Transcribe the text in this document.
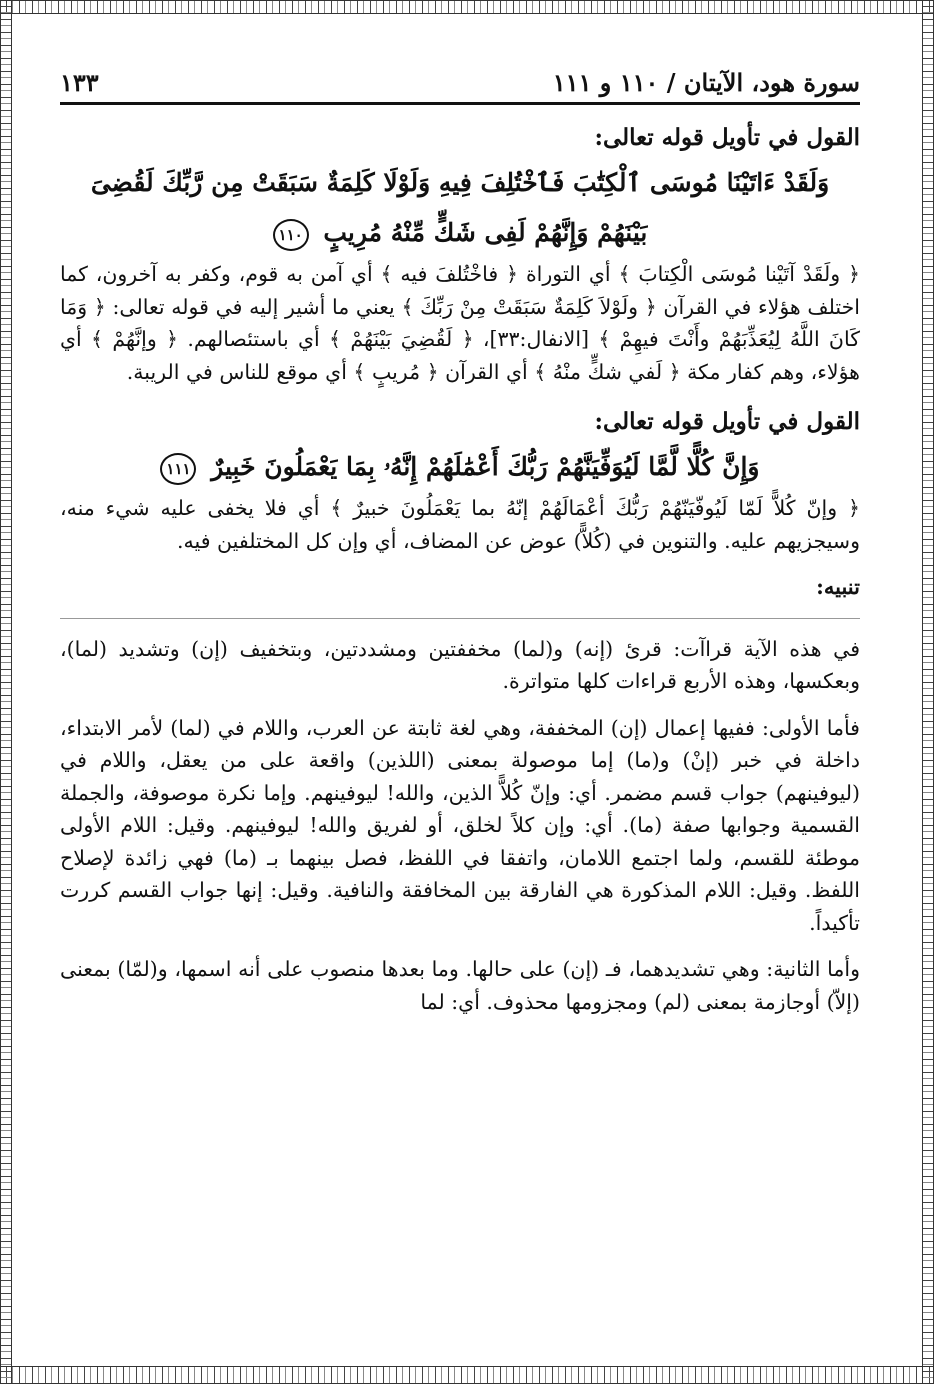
سورة هود، الآيتان / ١١٠ و ١١١
١٣٣
القول في تأويل قوله تعالى:
وَلَقَدْ ءَاتَيْنَا مُوسَى ٱلْكِتَٰبَ فَٱخْتُلِفَ فِيهِ وَلَوْلَا كَلِمَةٌ سَبَقَتْ مِن رَّبِّكَ لَقُضِىَ
بَيْنَهُمْ وَإِنَّهُمْ لَفِى شَكٍّ مِّنْهُ مُرِيبٍ ١١٠

﴿ ولَقَدْ آتَيْنا مُوسَى الْكِتابَ ﴾ أي التوراة ﴿ فاخْتُلفَ فيه ﴾ أي آمن به قوم، وكفر به آخرون، كما اختلف هؤلاء في القرآن ﴿ ولَوْلاَ كَلِمَةٌ سَبَقَتْ مِنْ رَبِّكَ ﴾ يعني ما أشير إليه في قوله تعالى: ﴿ وَمَا كَانَ اللَّهُ لِيُعَذِّبَهُمْ وأَنْتَ فيهِمْ ﴾ [الانفال:٣٣]، ﴿ لَقُضِيَ بَيْنَهُمْ ﴾ أي باستئصالهم. ﴿ وإنَّهُمْ ﴾ أي هؤلاء، وهم كفار مكة ﴿ لَفي شكٍّ منْهُ ﴾ أي القرآن ﴿ مُريبٍ ﴾ أي موقع للناس في الريبة.

القول في تأويل قوله تعالى:
وَإِنَّ كُلًّا لَّمَّا لَيُوَفِّيَنَّهُمْ رَبُّكَ أَعْمَٰلَهُمْ إِنَّهُۥ بِمَا يَعْمَلُونَ خَبِيرٌ ١١١

﴿ وإنّ كُلاًّ لَمّا لَيُوفّيَنّهُمْ رَبُّكَ أعْمَالَهُمْ إنّهُ بما يَعْمَلُونَ خبيرٌ ﴾ أي فلا يخفى عليه شيء منه، وسيجزيهم عليه. والتنوين في (كُلاًّ) عوض عن المضاف، أي وإن كل المختلفين فيه.

تنبيه:

في هذه الآية قراآت: قرئ (إنه) و(لما) مخففتين ومشددتين، وبتخفيف (إن) وتشديد (لما)، وبعكسها، وهذه الأربع قراءات كلها متواترة.

فأما الأولى: ففيها إعمال (إن) المخففة، وهي لغة ثابتة عن العرب، واللام في (لما) لأمر الابتداء، داخلة في خبر (إنْ) و(ما) إما موصولة بمعنى (اللذين) واقعة على من يعقل، واللام في (ليوفينهم) جواب قسم مضمر. أي: وإنّ كُلاًّ الذين، والله! ليوفينهم. وإما نكرة موصوفة، والجملة القسمية وجوابها صفة (ما). أي: وإن كلاً لخلق، أو لفريق والله! ليوفينهم. وقيل: اللام الأولى موطئة للقسم، ولما اجتمع اللامان، واتفقا في اللفظ، فصل بينهما بـ (ما) فهي زائدة لإصلاح اللفظ. وقيل: اللام المذكورة هي الفارقة بين المخافقة والنافية. وقيل: إنها جواب القسم كررت تأكيداً.

وأما الثانية: وهي تشديدهما، فـ (إن) على حالها. وما بعدها منصوب على أنه اسمها، و(لمّا) بمعنى (إلاّ) أوجازمة بمعنى (لم) ومجزومها محذوف. أي: لما
